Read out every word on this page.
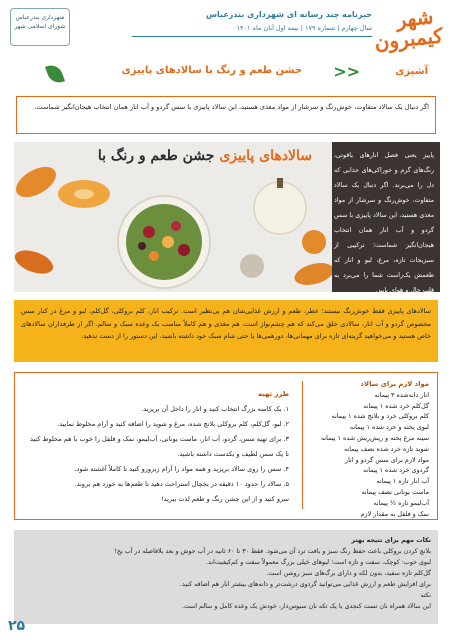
شهر کیمبرون
خبرنامه چند رسانه ای شهرداری بندرعباس
سال چهارم | شماره ۱۷۹ | نیمه اول آبان ماه ۱۴۰۱
شهرداری بندرعباس شورای اسلامی شهر
آشپزی
>>
جشن طعم و رنگ با سالادهای پاییزی
اگر دنبال یک سالاد متفاوت، خوش‌رنگ و سرشار از مواد مغذی هستید، این سالاد پاییزی با سس گردو و آب انار همان انتخاب هیجان‌انگیز شماست.
پاییز یعنی فصل انارهای یاقوتی، رنگ‌های گرم و خوراکی‌های جذابی که دل را می‌برند. اگر دنبال یک سالاد متفاوت، خوش‌رنگ و سرشار از مواد مغذی هستید، این سالاد پاییزی با سس گردو و آب انار همان انتخاب هیجان‌انگیز شماست؛ ترکیبی از سبزیجات تازه، مرغ، لبو و انار که طعمش یک‌راست شما را می‌برد به قلب حال و هوای پاییز.
سالادهای پاییزی جشن طعم و رنگ با
سالادهای پاییزی فقط خوش‌رنگ نیستند؛ عطر، طعم و ارزش غذایی‌شان هم بی‌نظیر است. ترکیب انار، کلم بروکلی، گل‌کلم، لبو و مرغ در کنار سس مخصوص گردو و آب انار، سالادی خلق می‌کند که هم چشم‌نواز است، هم مغذی و هم کاملاً مناسب یک وعده سبک و سالم. اگر از طرفداران سالادهای خاص هستید و می‌خواهید گزینه‌ای تازه برای مهمانی‌ها، دورهمی‌ها یا حتی شام سبک خود داشته باشید، این دستور را از دست ندهید.
مواد لازم برای سالاد
انار دانه‌شده ۳ پیمانه
گل‌کلم خرد شده ۱ پیمانه
کلم بروکلی خرد و بلانچ شده ۱ پیمانه
لبوی پخته و خرد شده ۱ پیمانه
سینه مرغ پخته و ریش‌ریش شده ۱ پیمانه
شوید تازه خرد شده نصف پیمانه
مواد لازم برای سس گردو و انار
گردوی خرد شده ۱ پیمانه
آب انار تازه ۱ پیمانه
ماست یونانی نصف پیمانه
آب‌لیمو تازه ½ پیمانه
نمک و فلفل به مقدار لازم
طرز تهیه
۱. یک کاسه بزرگ انتخاب کنید و انار را داخل آن بریزید.
۲. لبو، گل‌کلم، کلم بروکلی بلانچ شده، مرغ و شوید را اضافه کنید و آرام مخلوط نمایید.
۳. برای تهیه سس، گردو، آب انار، ماست یونانی، آب‌لیمو، نمک و فلفل را خوب با هم مخلوط کنید تا یک سس لطیف و یکدست داشته باشید.
۴. سس را روی سالاد بریزید و همه مواد را آرام زیرورو کنید تا کاملاً آغشته شود.
۵. سالاد را حدود ۱۰ دقیقه در یخچال استراحت دهید تا طعم‌ها به خورد هم بروند.
سرو کنید و از این جشن رنگ و طعم لذت ببرید!
نکات مهم برای نتیجه بهتر
بلانچ کردن بروکلی باعث حفظ رنگ سبز و بافت ترد آن می‌شود. فقط ۳۰ تا ۶۰ ثانیه در آب جوش و بعد بلافاصله در آب یخ!
لبوی خوب: کوچک، سفت و تازه است؛ لبوهای خیلی بزرگ معمولاً سفت و کم‌کیفیت‌اند.
گل‌کلم تازه سفید، بدون لکه و دارای برگ‌های سبز روشن است.
برای افزایش طعم و ارزش غذایی می‌توانید گردوی درشت‌تر و دانه‌های بیشتر انار هم اضافه کنید.
نکته
این سالاد همراه نان تست کنجدی یا یک تکه نان سبوس‌دار، خودش یک وعده کامل و سالم است.
۲۵
